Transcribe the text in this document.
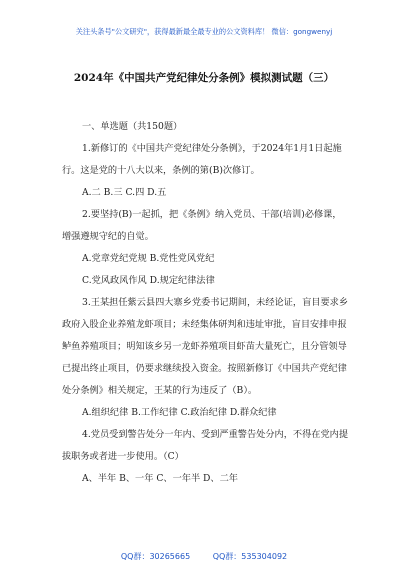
关注头条号"公文研究"，获得最新最全最专业的公文资料库！ 微信：gongwenyj
2024年《中国共产党纪律处分条例》模拟测试题（三）
一、单选题（共150题）
1.新修订的《中国共产党纪律处分条例》，于2024年1月1日起施行。这是党的十八大以来，条例的第(B)次修订。
A.二 B.三 C.四 D.五
2.要坚持(B)一起抓，把《条例》纳入党员、干部(培训)必修课，增强遵规守纪的自觉。
A.党章党纪党规 B.党性党风党纪
C.党风政风作风 D.规定纪律法律
3.王某担任紫云县四大寨乡党委书记期间，未经论证，盲目要求乡政府入股企业养殖龙虾项目；未经集体研判和违址审批，盲目安排申报鲈鱼养殖项目；明知该乡另一龙虾养殖项目虾苗大量死亡，且分管领导已提出终止项目，仍要求继续投入资金。按照新修订《中国共产党纪律处分条例》相关规定，王某的行为违反了（B）。
A.组织纪律 B.工作纪律 C.政治纪律 D.群众纪律
4.党员受到警告处分一年内、受到严重警告处分内，不得在党内提拔职务或者进一步使用。（C）
A、半年 B、一年 C、一年半 D、二年
QQ群：30265665	QQ群：535304092
